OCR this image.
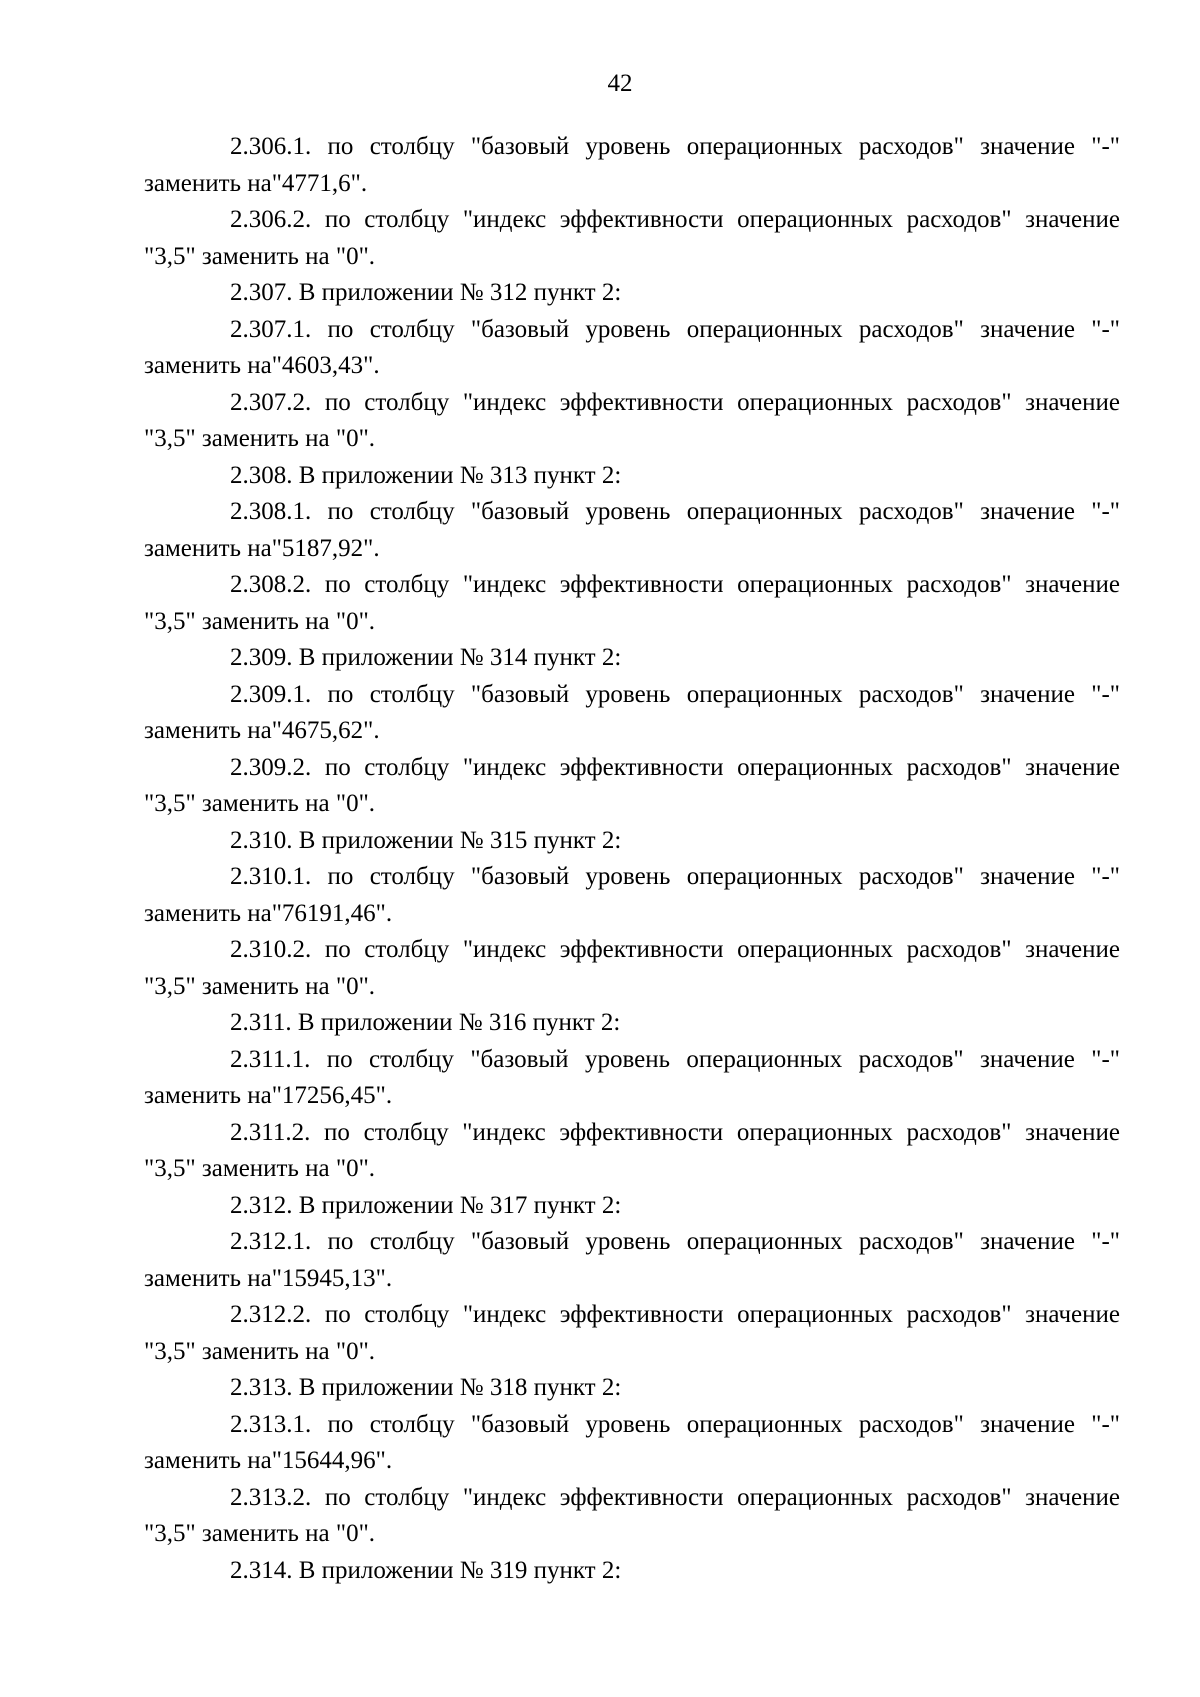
42

2.306.1. по столбцу "базовый уровень операционных расходов" значение "-" заменить на"4771,6".

2.306.2. по столбцу "индекс эффективности операционных расходов" значение "3,5" заменить на "0".

2.307. В приложении № 312 пункт 2:

2.307.1. по столбцу "базовый уровень операционных расходов" значение "-" заменить на"4603,43".

2.307.2. по столбцу "индекс эффективности операционных расходов" значение "3,5" заменить на "0".

2.308. В приложении № 313 пункт 2:

2.308.1. по столбцу "базовый уровень операционных расходов" значение "-" заменить на"5187,92".

2.308.2. по столбцу "индекс эффективности операционных расходов" значение "3,5" заменить на "0".

2.309. В приложении № 314 пункт 2:

2.309.1. по столбцу "базовый уровень операционных расходов" значение "-" заменить на"4675,62".

2.309.2. по столбцу "индекс эффективности операционных расходов" значение "3,5" заменить на "0".

2.310. В приложении № 315 пункт 2:

2.310.1. по столбцу "базовый уровень операционных расходов" значение "-" заменить на"76191,46".

2.310.2. по столбцу "индекс эффективности операционных расходов" значение "3,5" заменить на "0".

2.311. В приложении № 316 пункт 2:

2.311.1. по столбцу "базовый уровень операционных расходов" значение "-" заменить на"17256,45".

2.311.2. по столбцу "индекс эффективности операционных расходов" значение "3,5" заменить на "0".

2.312. В приложении № 317 пункт 2:

2.312.1. по столбцу "базовый уровень операционных расходов" значение "-" заменить на"15945,13".

2.312.2. по столбцу "индекс эффективности операционных расходов" значение "3,5" заменить на "0".

2.313. В приложении № 318 пункт 2:

2.313.1. по столбцу "базовый уровень операционных расходов" значение "-" заменить на"15644,96".

2.313.2. по столбцу "индекс эффективности операционных расходов" значение "3,5" заменить на "0".

2.314. В приложении № 319 пункт 2:
